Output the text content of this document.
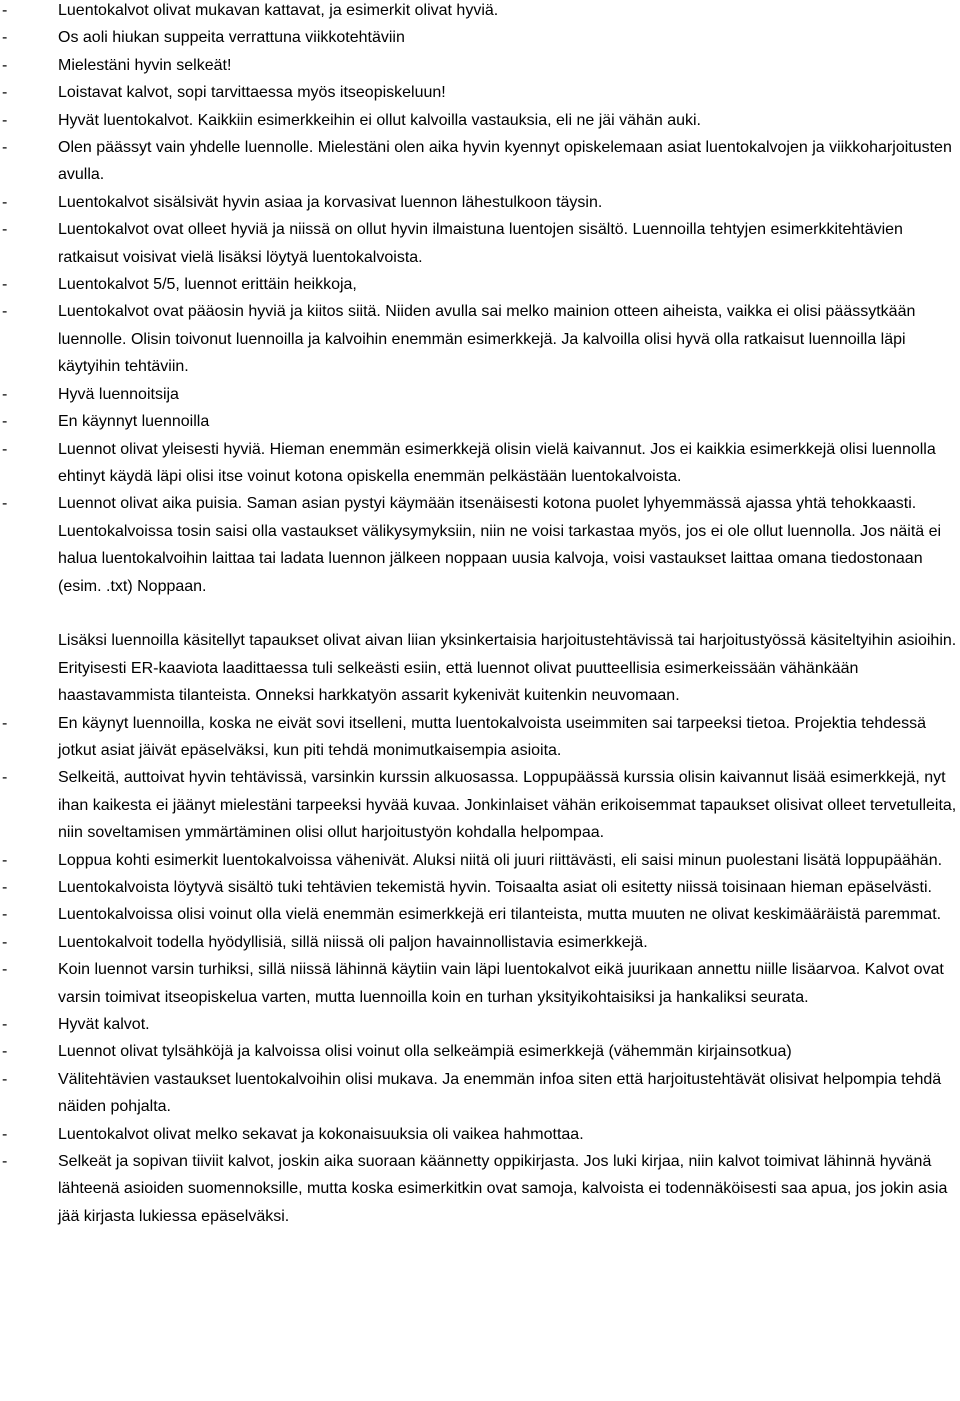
-	Luentokalvot olivat mukavan kattavat, ja esimerkit olivat hyviä.

-	Os aoli hiukan suppeita verrattuna viikkotehtäviin

-	Mielestäni hyvin selkeät!

-	Loistavat kalvot, sopi tarvittaessa myös itseopiskeluun!

-	Hyvät luentokalvot. Kaikkiin esimerkkeihin ei ollut kalvoilla vastauksia, eli ne jäi vähän auki.

-	Olen päässyt vain yhdelle luennolle. Mielestäni olen aika hyvin kyennyt opiskelemaan asiat luentokalvojen ja viikkoharjoitusten avulla.

-	Luentokalvot sisälsivät hyvin asiaa ja korvasivat luennon lähestulkoon täysin.

-	Luentokalvot ovat olleet hyviä ja niissä on ollut hyvin ilmaistuna luentojen sisältö. Luennoilla tehtyjen esimerkkitehtävien ratkaisut voisivat vielä lisäksi löytyä luentokalvoista.

-	Luentokalvot 5/5, luennot erittäin heikkoja,

-	Luentokalvot ovat pääosin hyviä ja kiitos siitä. Niiden avulla sai melko mainion otteen aiheista, vaikka ei olisi päässytkään luennolle. Olisin toivonut luennoilla ja kalvoihin enemmän esimerkkejä. Ja kalvoilla olisi hyvä olla ratkaisut luennoilla läpi käytyihin tehtäviin.

-	Hyvä luennoitsija

-	En käynnyt luennoilla

-	Luennot olivat yleisesti hyviä. Hieman enemmän esimerkkejä olisin vielä kaivannut. Jos ei kaikkia esimerkkejä olisi luennolla ehtinyt käydä läpi olisi itse voinut kotona opiskella enemmän pelkästään luentokalvoista.

-	Luennot olivat aika puisia. Saman asian pystyi käymään itsenäisesti kotona puolet lyhyemmässä ajassa yhtä tehokkaasti. Luentokalvoissa tosin saisi olla vastaukset välikysymyksiin, niin ne voisi tarkastaa myös, jos ei ole ollut luennolla. Jos näitä ei halua luentokalvoihin laittaa tai ladata luennon jälkeen noppaan uusia kalvoja, voisi vastaukset laittaa omana tiedostonaan (esim. .txt) Noppaan.

Lisäksi luennoilla käsitellyt tapaukset olivat aivan liian yksinkertaisia harjoitustehtävissä tai harjoitustyössä käsiteltyihin asioihin. Erityisesti ER-kaaviota laadittaessa tuli selkeästi esiin, että luennot olivat puutteellisia esimerkeissään vähänkään haastavammista tilanteista. Onneksi harkkatyön assarit kykenivät kuitenkin neuvomaan.

-	En käynyt luennoilla, koska ne eivät sovi itselleni, mutta luentokalvoista useimmiten sai tarpeeksi tietoa. Projektia tehdessä jotkut asiat jäivät epäselväksi, kun piti tehdä monimutkaisempia asioita.

-	Selkeitä, auttoivat hyvin tehtävissä, varsinkin kurssin alkuosassa. Loppupäässä kurssia olisin kaivannut lisää esimerkkejä, nyt ihan kaikesta ei jäänyt mielestäni tarpeeksi hyvää kuvaa. Jonkinlaiset vähän erikoisemmat tapaukset olisivat olleet tervetulleita, niin soveltamisen ymmärtäminen olisi ollut harjoitustyön kohdalla helpompaa.

-	Loppua kohti esimerkit luentokalvoissa vähenivät. Aluksi niitä oli juuri riittävästi, eli saisi minun puolestani lisätä loppupäähän.

-	Luentokalvoista löytyvä sisältö tuki tehtävien tekemistä hyvin. Toisaalta asiat oli esitetty niissä toisinaan hieman epäselvästi.

-	Luentokalvoissa olisi voinut olla vielä enemmän esimerkkejä eri tilanteista, mutta muuten ne olivat keskimääräistä paremmat.

-	Luentokalvoit todella hyödyllisiä, sillä niissä oli paljon havainnollistavia esimerkkejä.

-	Koin luennot varsin turhiksi, sillä niissä lähinnä käytiin vain läpi luentokalvot eikä juurikaan annettu niille lisäarvoa. Kalvot ovat varsin toimivat itseopiskelua varten, mutta luennoilla koin en turhan yksityikohtaisiksi ja hankaliksi seurata.

-	Hyvät kalvot.

-	Luennot olivat tylsähköjä ja kalvoissa olisi voinut olla selkeämpiä esimerkkejä (vähemmän kirjainsotkua)

-	Välitehtävien vastaukset luentokalvoihin olisi mukava. Ja enemmän infoa siten että harjoitustehtävät olisivat helpompia tehdä näiden pohjalta.

-	Luentokalvot olivat melko sekavat ja kokonaisuuksia oli vaikea hahmottaa.

-	Selkeät ja sopivan tiiviit kalvot, joskin aika suoraan käännetty oppikirjasta. Jos luki kirjaa, niin kalvot toimivat lähinnä hyvänä lähteenä asioiden suomennoksille, mutta koska esimerkitkin ovat samoja, kalvoista ei todennäköisesti saa apua, jos jokin asia jää kirjasta lukiessa epäselväksi.
